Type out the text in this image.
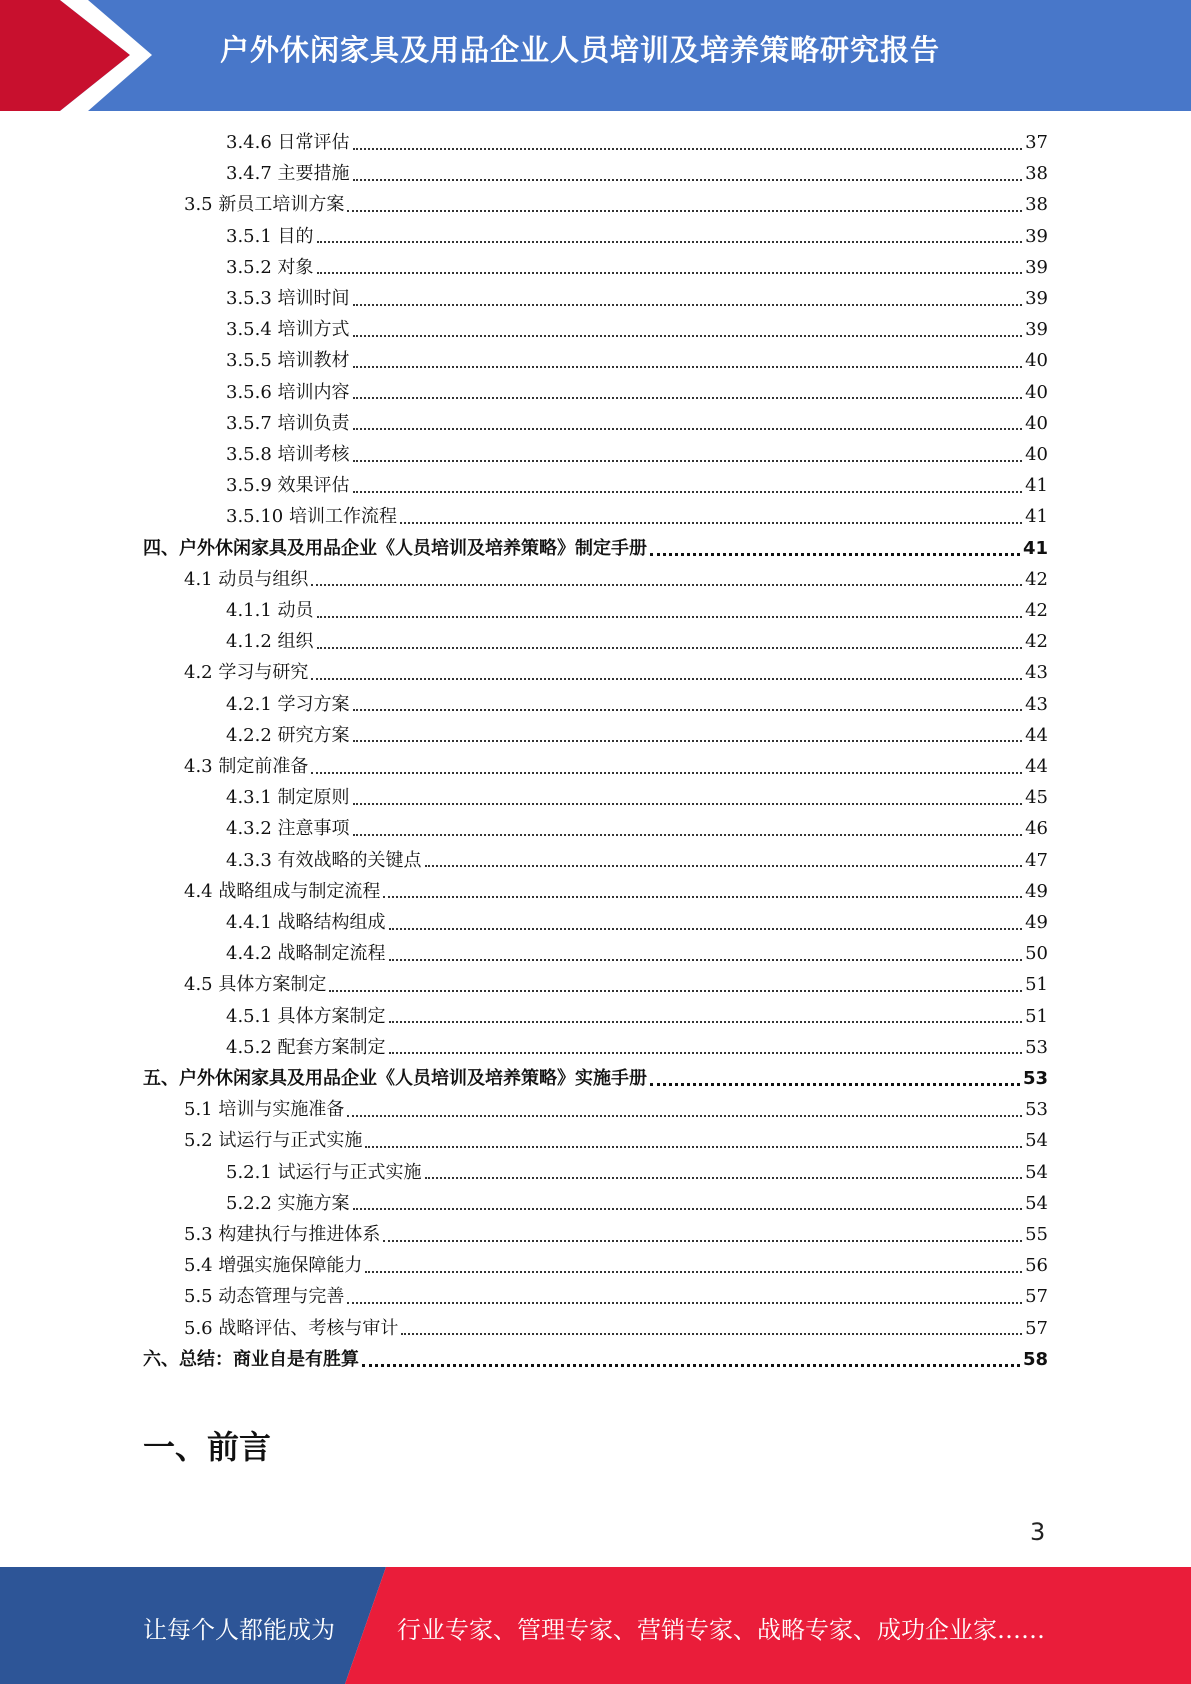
户外休闲家具及用品企业人员培训及培养策略研究报告
3.4.6 日常评估	37
3.4.7 主要措施	38
3.5 新员工培训方案	38
3.5.1 目的	39
3.5.2 对象	39
3.5.3 培训时间	39
3.5.4 培训方式	39
3.5.5 培训教材	40
3.5.6 培训内容	40
3.5.7 培训负责	40
3.5.8 培训考核	40
3.5.9 效果评估	41
3.5.10 培训工作流程	41
四、户外休闲家具及用品企业《人员培训及培养策略》制定手册	41
4.1 动员与组织	42
4.1.1 动员	42
4.1.2 组织	42
4.2 学习与研究	43
4.2.1 学习方案	43
4.2.2 研究方案	44
4.3 制定前准备	44
4.3.1 制定原则	45
4.3.2 注意事项	46
4.3.3 有效战略的关键点	47
4.4 战略组成与制定流程	49
4.4.1 战略结构组成	49
4.4.2 战略制定流程	50
4.5 具体方案制定	51
4.5.1 具体方案制定	51
4.5.2 配套方案制定	53
五、户外休闲家具及用品企业《人员培训及培养策略》实施手册	53
5.1 培训与实施准备	53
5.2 试运行与正式实施	54
5.2.1 试运行与正式实施	54
5.2.2 实施方案	54
5.3 构建执行与推进体系	55
5.4 增强实施保障能力	56
5.5 动态管理与完善	57
5.6 战略评估、考核与审计	57
六、总结：商业自是有胜算	58
一、前言
3
让每个人都能成为	行业专家、管理专家、营销专家、战略专家、成功企业家……
